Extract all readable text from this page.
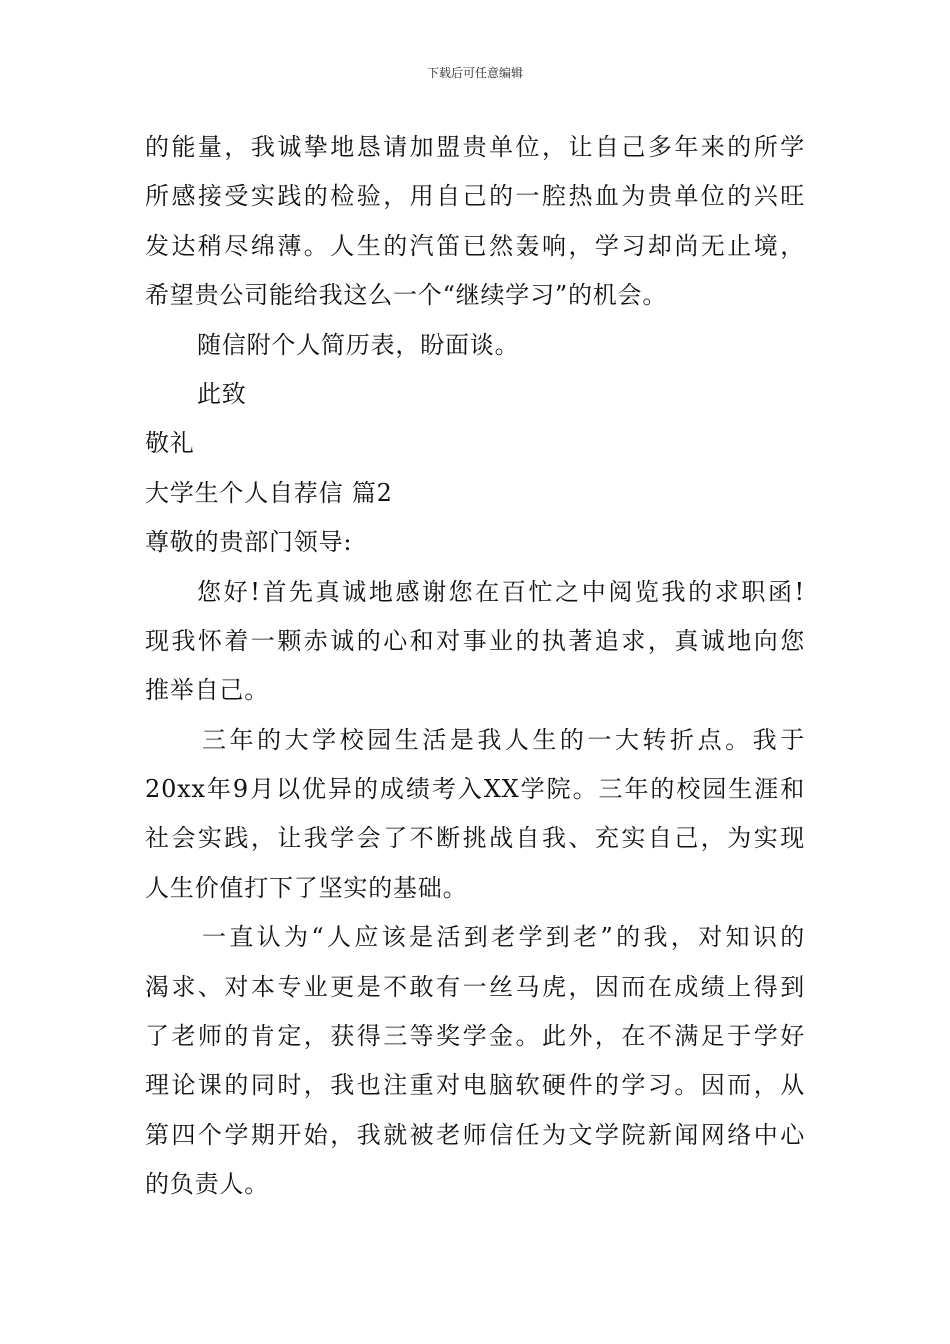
下载后可任意编辑
的能量，我诚挚地恳请加盟贵单位，让自己多年来的所学
所感接受实践的检验，用自己的一腔热血为贵单位的兴旺
发达稍尽绵薄。人生的汽笛已然轰响，学习却尚无止境，
希望贵公司能给我这么一个“继续学习”的机会。
随信附个人简历表，盼面谈。
此致
敬礼
大学生个人自荐信 篇2
尊敬的贵部门领导:
您好!首先真诚地感谢您在百忙之中阅览我的求职函!
现我怀着一颗赤诚的心和对事业的执著追求，真诚地向您
推举自己。
三年的大学校园生活是我人生的一大转折点。我于
20xx年9月以优异的成绩考入XX学院。三年的校园生涯和
社会实践，让我学会了不断挑战自我、充实自己，为实现
人生价值打下了坚实的基础。
一直认为“人应该是活到老学到老”的我，对知识的
渴求、对本专业更是不敢有一丝马虎，因而在成绩上得到
了老师的肯定，获得三等奖学金。此外，在不满足于学好
理论课的同时，我也注重对电脑软硬件的学习。因而，从
第四个学期开始，我就被老师信任为文学院新闻网络中心
的负责人。
